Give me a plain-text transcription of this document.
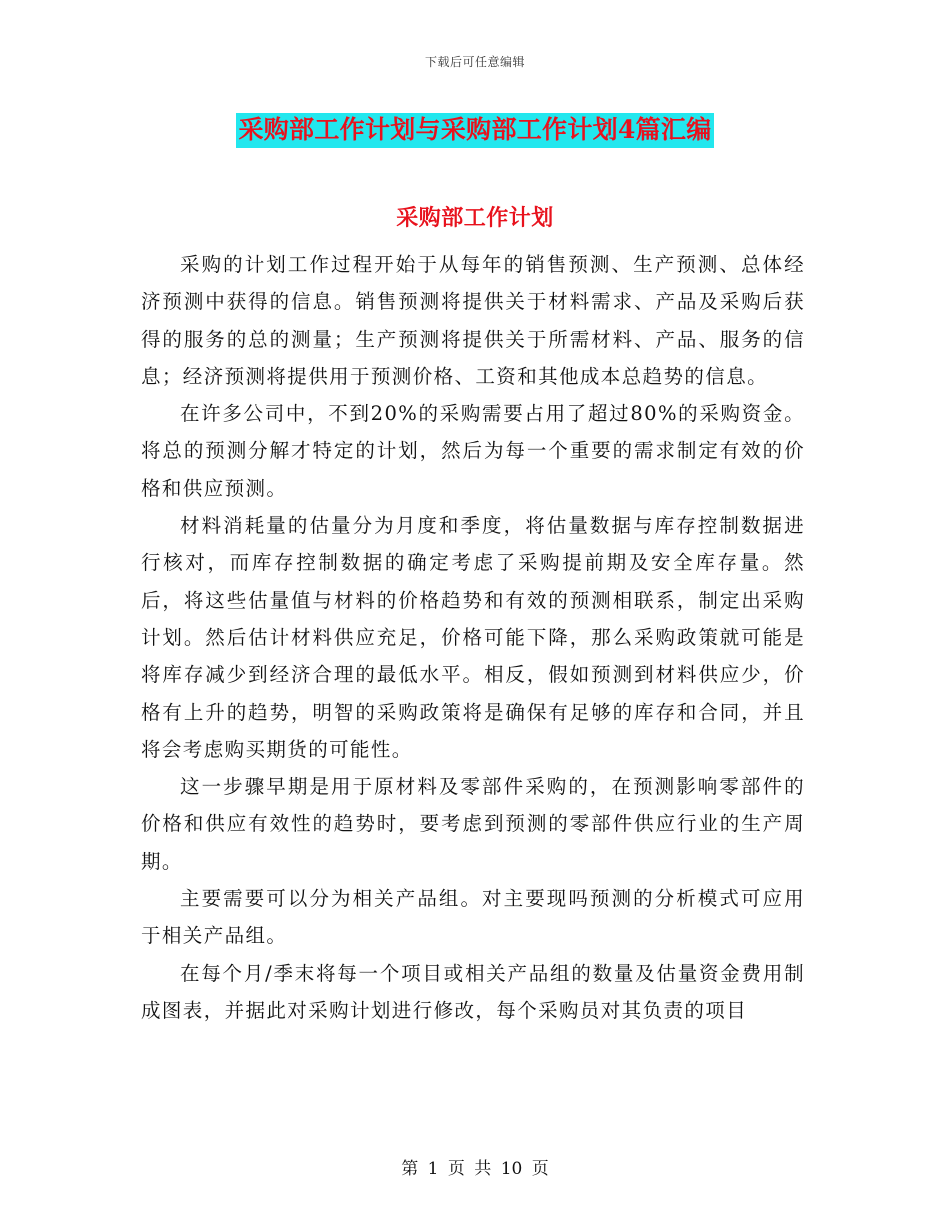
下载后可任意编辑
采购部工作计划与采购部工作计划4篇汇编
采购部工作计划

采购的计划工作过程开始于从每年的销售预测、生产预测、总体经济预测中获得的信息。销售预测将提供关于材料需求、产品及采购后获得的服务的总的测量；生产预测将提供关于所需材料、产品、服务的信息；经济预测将提供用于预测价格、工资和其他成本总趋势的信息。

在许多公司中，不到20%的采购需要占用了超过80%的采购资金。将总的预测分解才特定的计划，然后为每一个重要的需求制定有效的价格和供应预测。

材料消耗量的估量分为月度和季度，将估量数据与库存控制数据进行核对，而库存控制数据的确定考虑了采购提前期及安全库存量。然后，将这些估量值与材料的价格趋势和有效的预测相联系，制定出采购计划。然后估计材料供应充足，价格可能下降，那么采购政策就可能是将库存减少到经济合理的最低水平。相反，假如预测到材料供应少，价格有上升的趋势，明智的采购政策将是确保有足够的库存和合同，并且将会考虑购买期货的可能性。

这一步骤早期是用于原材料及零部件采购的，在预测影响零部件的价格和供应有效性的趋势时，要考虑到预测的零部件供应行业的生产周期。

主要需要可以分为相关产品组。对主要现吗预测的分析模式可应用于相关产品组。

在每个月/季末将每一个项目或相关产品组的数量及估量资金费用制成图表，并据此对采购计划进行修改，每个采购员对其负责的项目

第 1 页 共 10 页
